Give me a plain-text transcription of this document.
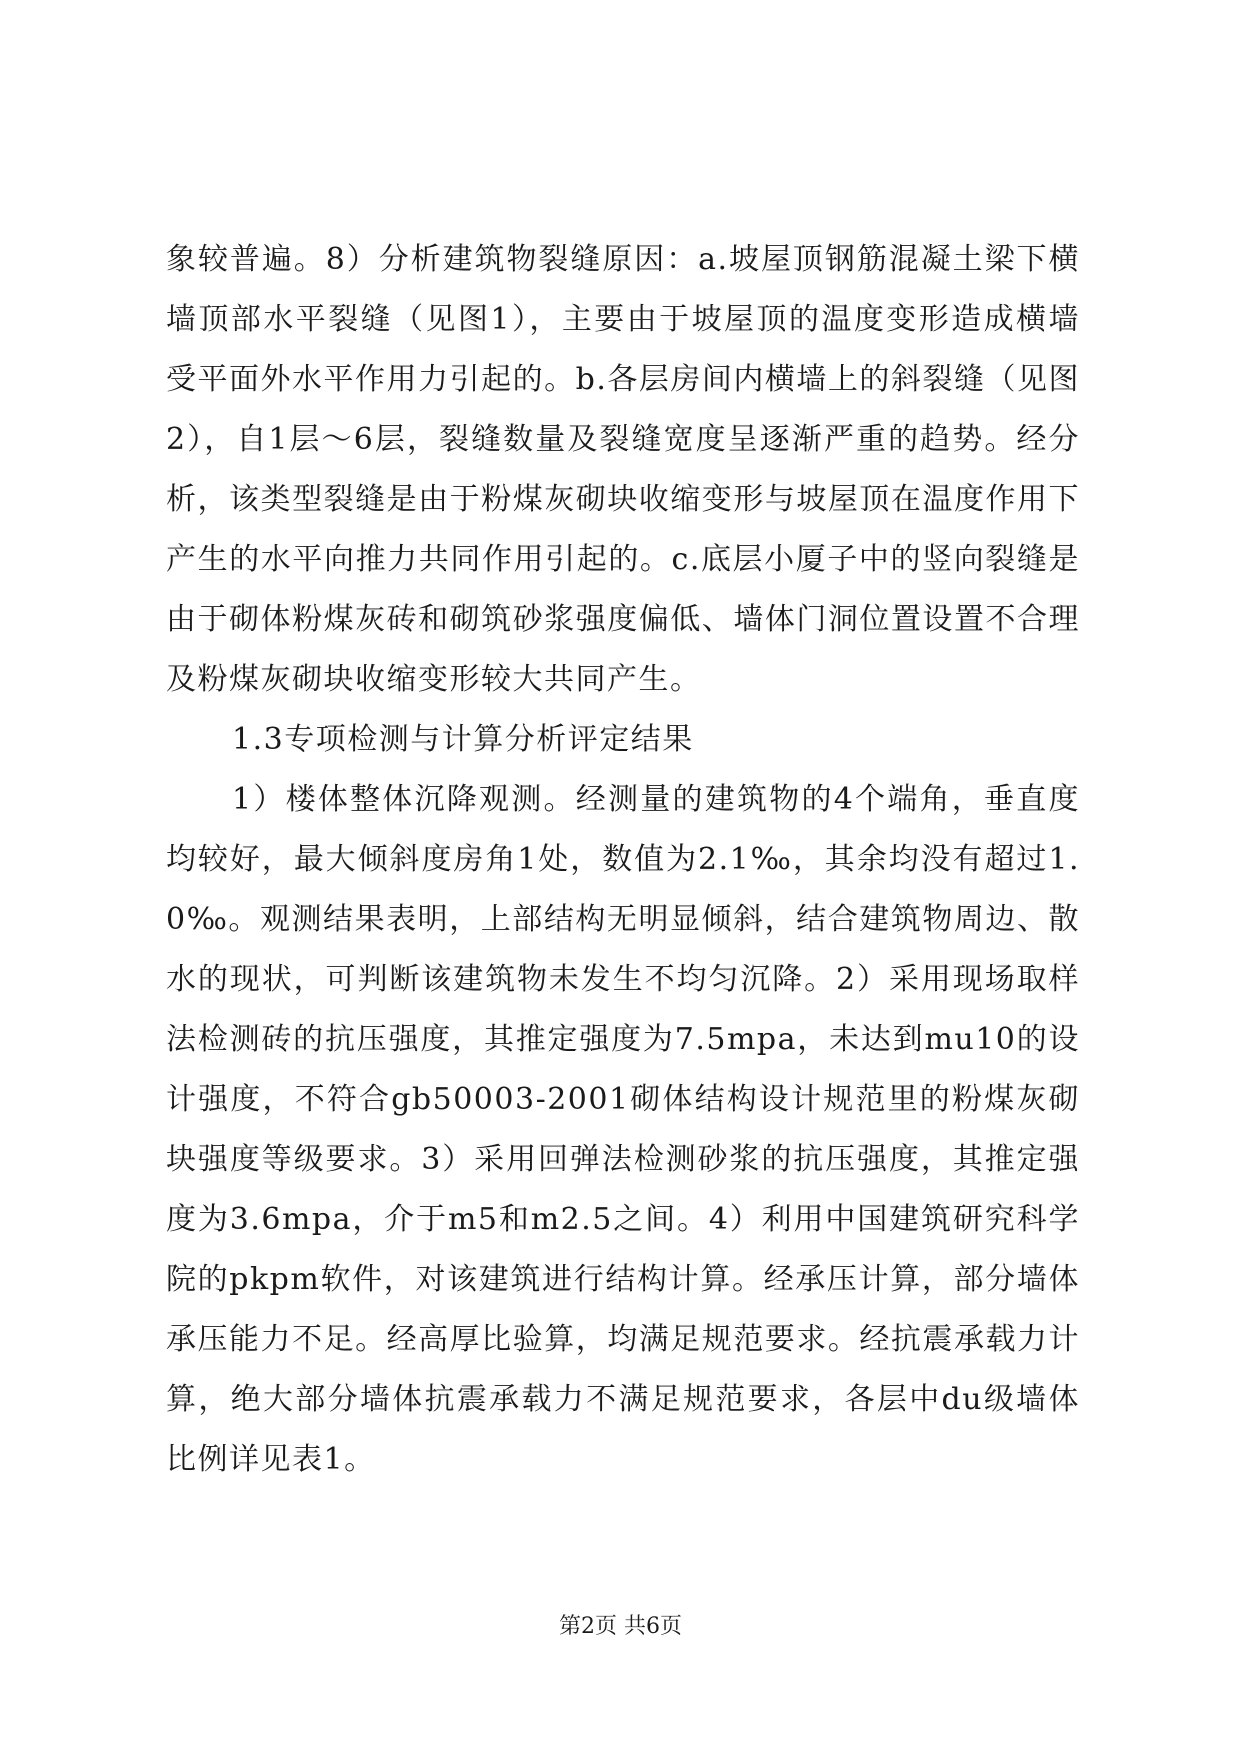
象较普遍。8）分析建筑物裂缝原因：a.坡屋顶钢筋混凝土梁下横墙顶部水平裂缝（见图1），主要由于坡屋顶的温度变形造成横墙受平面外水平作用力引起的。b.各层房间内横墙上的斜裂缝（见图2），自1层～6层，裂缝数量及裂缝宽度呈逐渐严重的趋势。经分析，该类型裂缝是由于粉煤灰砌块收缩变形与坡屋顶在温度作用下产生的水平向推力共同作用引起的。c.底层小厦子中的竖向裂缝是由于砌体粉煤灰砖和砌筑砂浆强度偏低、墙体门洞位置设置不合理及粉煤灰砌块收缩变形较大共同产生。

1.3专项检测与计算分析评定结果

1）楼体整体沉降观测。经测量的建筑物的4个端角，垂直度均较好，最大倾斜度房角1处，数值为2.1‰，其余均没有超过1.0‰。观测结果表明，上部结构无明显倾斜，结合建筑物周边、散水的现状，可判断该建筑物未发生不均匀沉降。2）采用现场取样法检测砖的抗压强度，其推定强度为7.5mpa，未达到mu10的设计强度，不符合gb50003-2001砌体结构设计规范里的粉煤灰砌块强度等级要求。3）采用回弹法检测砂浆的抗压强度，其推定强度为3.6mpa，介于m5和m2.5之间。4）利用中国建筑研究科学院的pkpm软件，对该建筑进行结构计算。经承压计算，部分墙体承压能力不足。经高厚比验算，均满足规范要求。经抗震承载力计算，绝大部分墙体抗震承载力不满足规范要求，各层中du级墙体比例详见表1。

第2页 共6页
